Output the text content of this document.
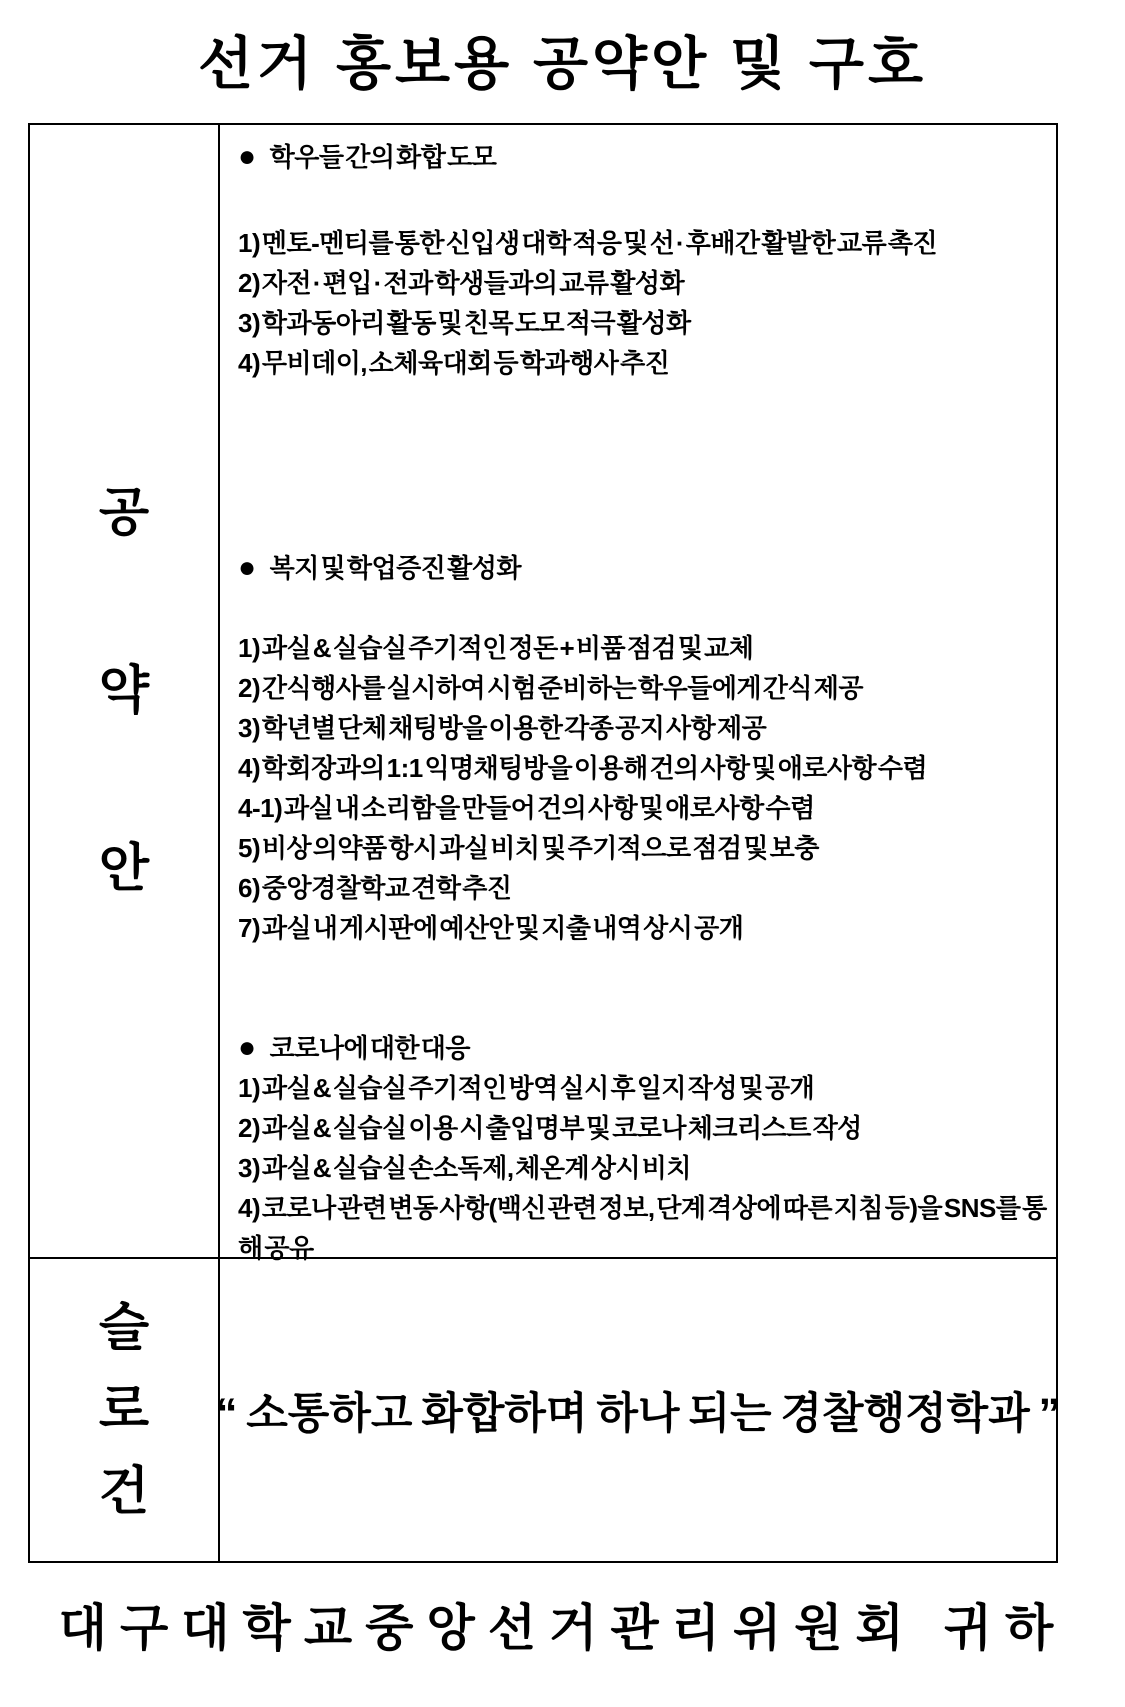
선거 홍보용 공약안 및 구호
공
약
안
● 학우들 간의 화합 도모
1) 멘토-멘티를 통한 신입생 대학 적응 및 선 · 후배간 활발한 교류 촉진
2) 자전 · 편입 · 전과 학생들과의 교류 활성화
3) 학과동아리 활동 및 친목 도모 적극 활성화
4) 무비데이, 소체육대회 등 학과행사 추진
● 복지 및 학업증진 활성화
1) 과실 & 실습실 주기적인 정돈 + 비품 점검 및 교체
2) 간식행사를 실시하여 시험 준비하는 학우들에게 간식 제공
3) 학년별 단체 채팅방을 이용한 각종 공지 사항 제공
4) 학회장과의 1:1 익명채팅방을 이용해 건의 사항 및 애로사항 수렴
4-1) 과실 내 소리함을 만들어 건의 사항 및 애로사항 수렴
5) 비상 의약품 항시 과실 비치 및 주기적으로 점검 및 보충
6) 중앙경찰학교 견학 추진
7) 과실 내 게시판에 예산안 및 지출 내역 상시 공개
● 코로나에 대한 대응
1) 과실 & 실습실 주기적인 방역 실시 후 일지 작성 및 공개
2) 과실 & 실습실 이용 시 출입명부 및 코로나 체크리스트 작성
3) 과실 & 실습실 손소독제, 체온계 상시 비치
4) 코로나 관련 변동 사항(백신 관련 정보, 단계 격상에 따른 지침 등)을 SNS를 통해 공유
슬
로
건
“ 소통하고 화합하며 하나 되는 경찰행정학과 ”
대구대학교중앙선거관리위원회 귀하
